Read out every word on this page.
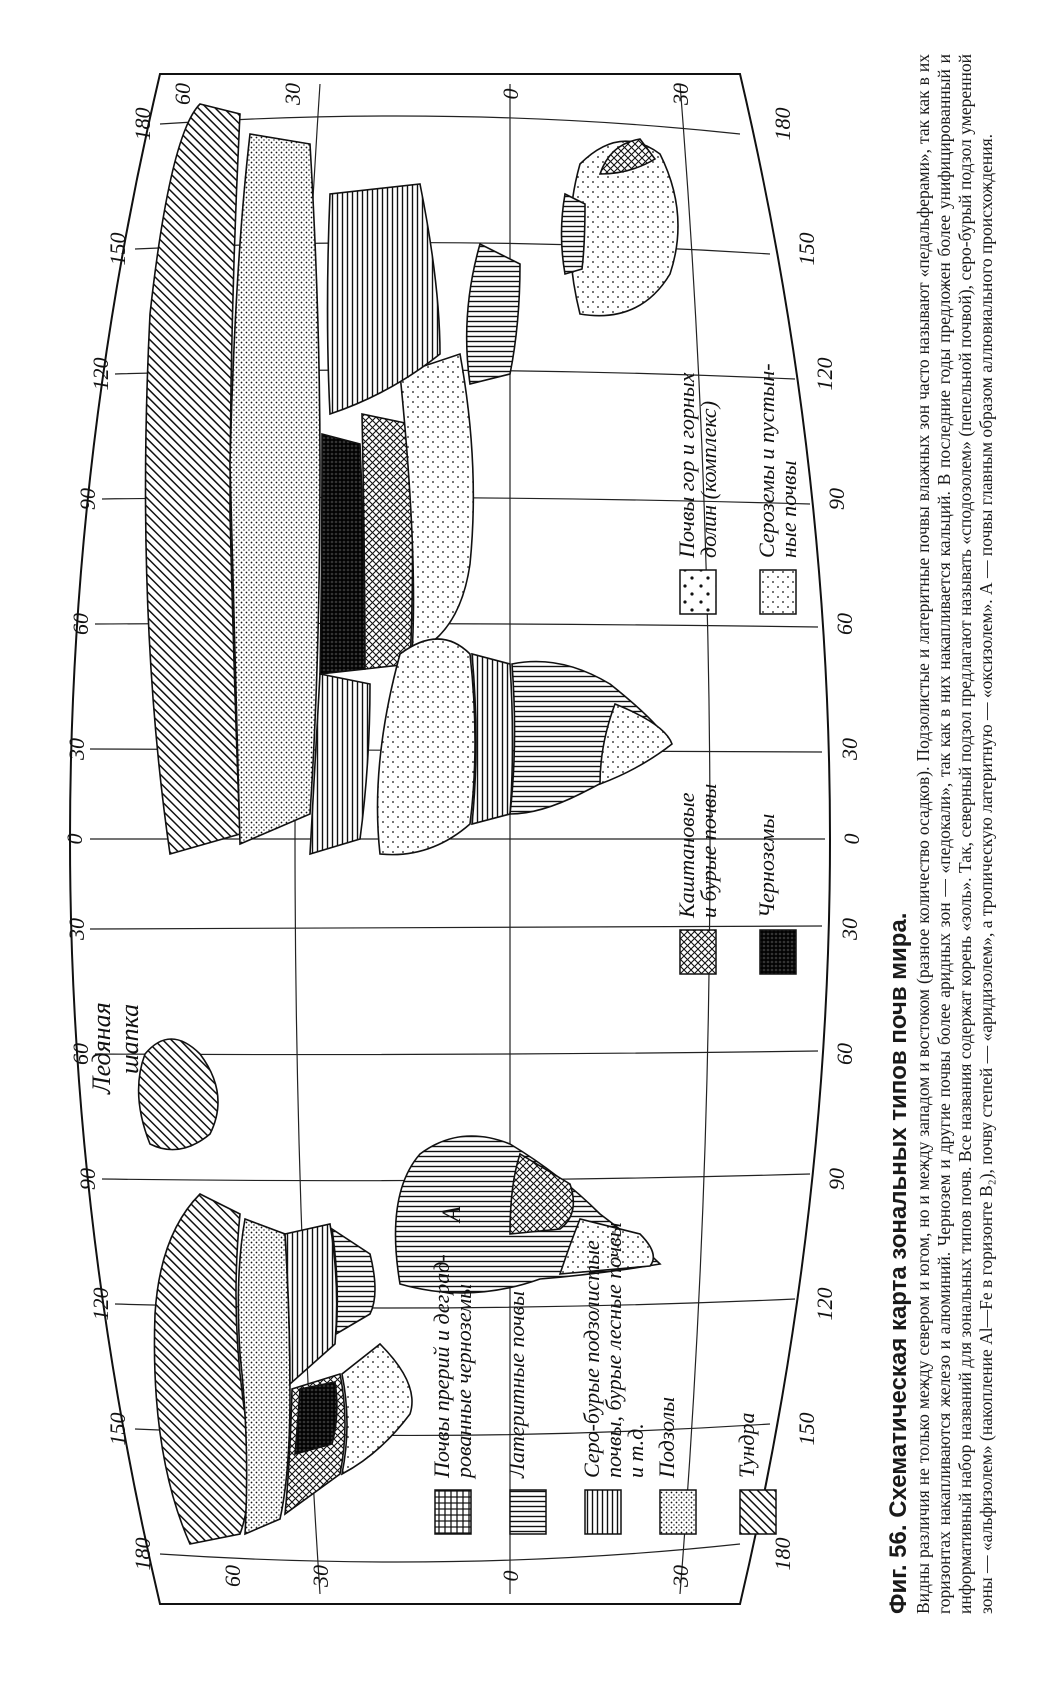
Ледяная шапка
A
180
150
120
90
60
30
0
30
60
90
120
150
180
180
150
120
90
60
30
0
30
60
90
120
150
180
60	30	0	30
30	0	30
60
Тундра
Подзолы
Серо-бурые подзолистые
почвы, бурые лесные почвы
и т.д.
Латеритные почвы
Почвы прерий и деград-
рованные черноземы
Черноземы
Каштановые
и бурые почвы
Сероземы и пустын-
ные почвы
Почвы гор и горных
долин (комплекс)
Фиг. 56. Схематическая карта зональных типов почв мира. Видны различия не только между севером и югом, но и между западом и востоком (разное количество осадков). Подзолистые и латеритные почвы влажных зон часто называют «педальферами», так как в их горизонтах накапливаются железо и алюминий. Чернозем и другие почвы более аридных зон — «педокали», так как в них накапливается кальций. В последние годы предложен более унифицированный и информативный набор названий для зональных типов почв. Все названия содержат корень «золь». Так, северный подзол предлагают называть «сподозолем» (пепельной почвой), серо-бурый подзол умеренной зоны — «альфизолем» (накопление Al—Fe в горизонте B₂), почву степей — «аридизолем», а тропическую латеритную — «оксизолем». А — почвы главным образом аллювиального происхождения.
